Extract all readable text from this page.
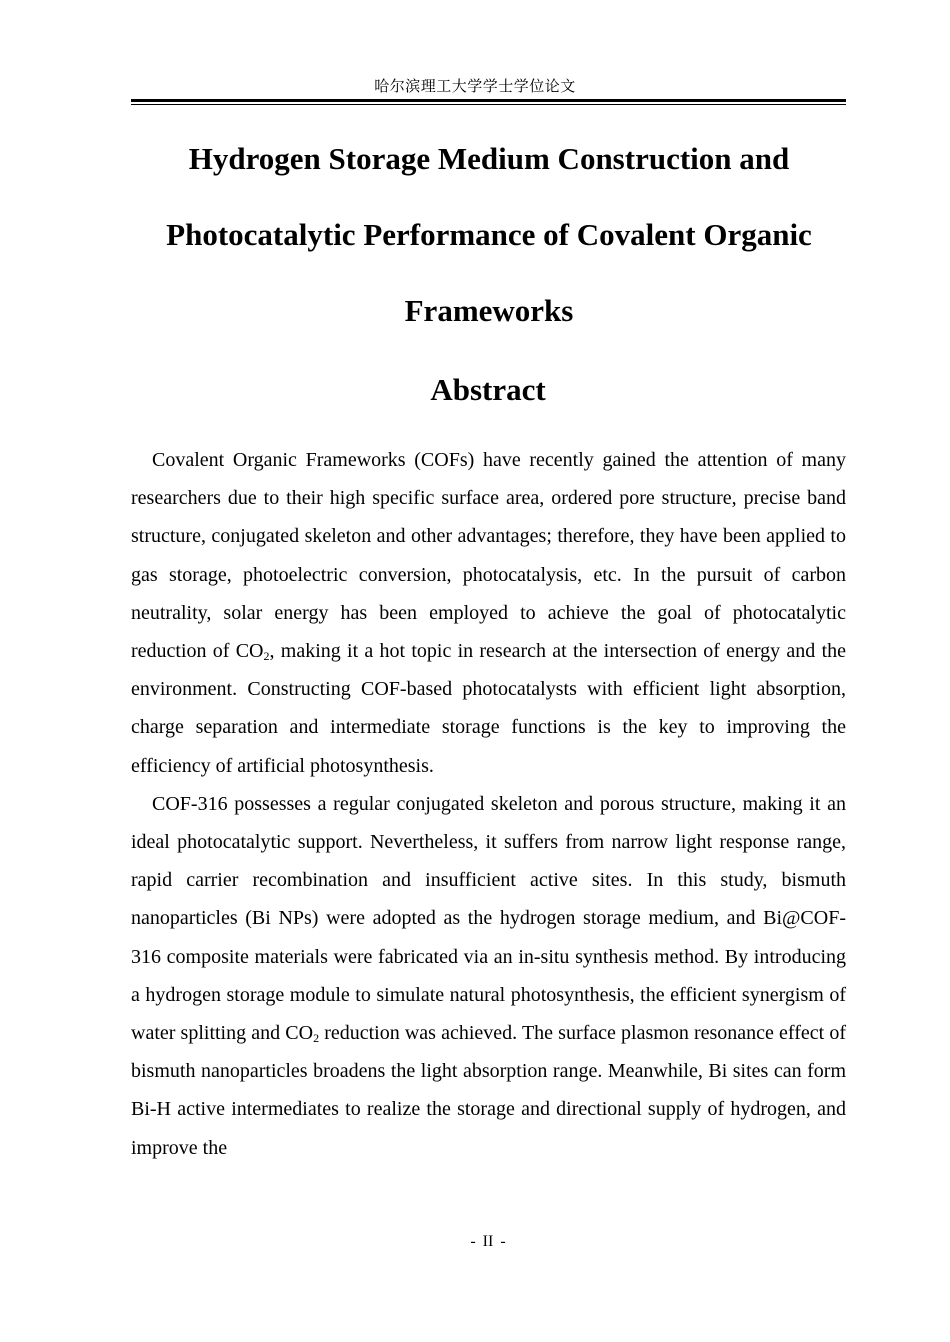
哈尔滨理工大学学士学位论文
Hydrogen Storage Medium Construction and Photocatalytic Performance of Covalent Organic Frameworks
Abstract

Covalent Organic Frameworks (COFs) have recently gained the attention of many researchers due to their high specific surface area, ordered pore structure, precise band structure, conjugated skeleton and other advantages; therefore, they have been applied to gas storage, photoelectric conversion, photocatalysis, etc. In the pursuit of carbon neutrality, solar energy has been employed to achieve the goal of photocatalytic reduction of $CO_2$, making it a hot topic in research at the intersection of energy and the environment. Constructing COF-based photocatalysts with efficient light absorption, charge separation and intermediate storage functions is the key to improving the efficiency of artificial photosynthesis.

COF-316 possesses a regular conjugated skeleton and porous structure, making it an ideal photocatalytic support. Nevertheless, it suffers from narrow light response range, rapid carrier recombination and insufficient active sites. In this study, bismuth nanoparticles (Bi NPs) were adopted as the hydrogen storage medium, and Bi@COF-316 composite materials were fabricated via an in-situ synthesis method. By introducing a hydrogen storage module to simulate natural photosynthesis, the efficient synergism of water splitting and $CO_2$ reduction was achieved. The surface plasmon resonance effect of bismuth nanoparticles broadens the light absorption range. Meanwhile, Bi sites can form Bi-H active intermediates to realize the storage and directional supply of hydrogen, and improve the

- II -
